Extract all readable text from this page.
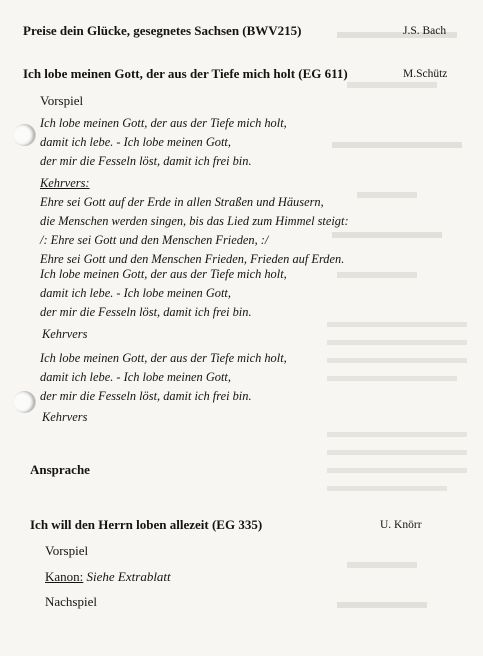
Preise dein Glücke, gesegnetes Sachsen (BWV215)	J.S. Bach
Ich lobe meinen Gott, der aus der Tiefe mich holt (EG 611)	M.Schütz
Vorspiel
Ich lobe meinen Gott, der aus der Tiefe mich holt,
damit ich lebe. - Ich lobe meinen Gott,
der mir die Fesseln löst, damit ich frei bin.
Kehrvers:
Ehre sei Gott auf der Erde in allen Straßen und Häusern,
die Menschen werden singen, bis das Lied zum Himmel steigt:
/: Ehre sei Gott und den Menschen Frieden, :/
Ehre sei Gott und den Menschen Frieden, Frieden auf Erden.
Ich lobe meinen Gott, der aus der Tiefe mich holt,
damit ich lebe. - Ich lobe meinen Gott,
der mir die Fesseln löst, damit ich frei bin.
Kehrvers
Ich lobe meinen Gott, der aus der Tiefe mich holt,
damit ich lebe. - Ich lobe meinen Gott,
der mir die Fesseln löst, damit ich frei bin.
Kehrvers
Ansprache
Ich will den Herrn loben allezeit (EG 335)	U. Knörr
Vorspiel
Kanon: Siehe Extrablatt
Nachspiel
